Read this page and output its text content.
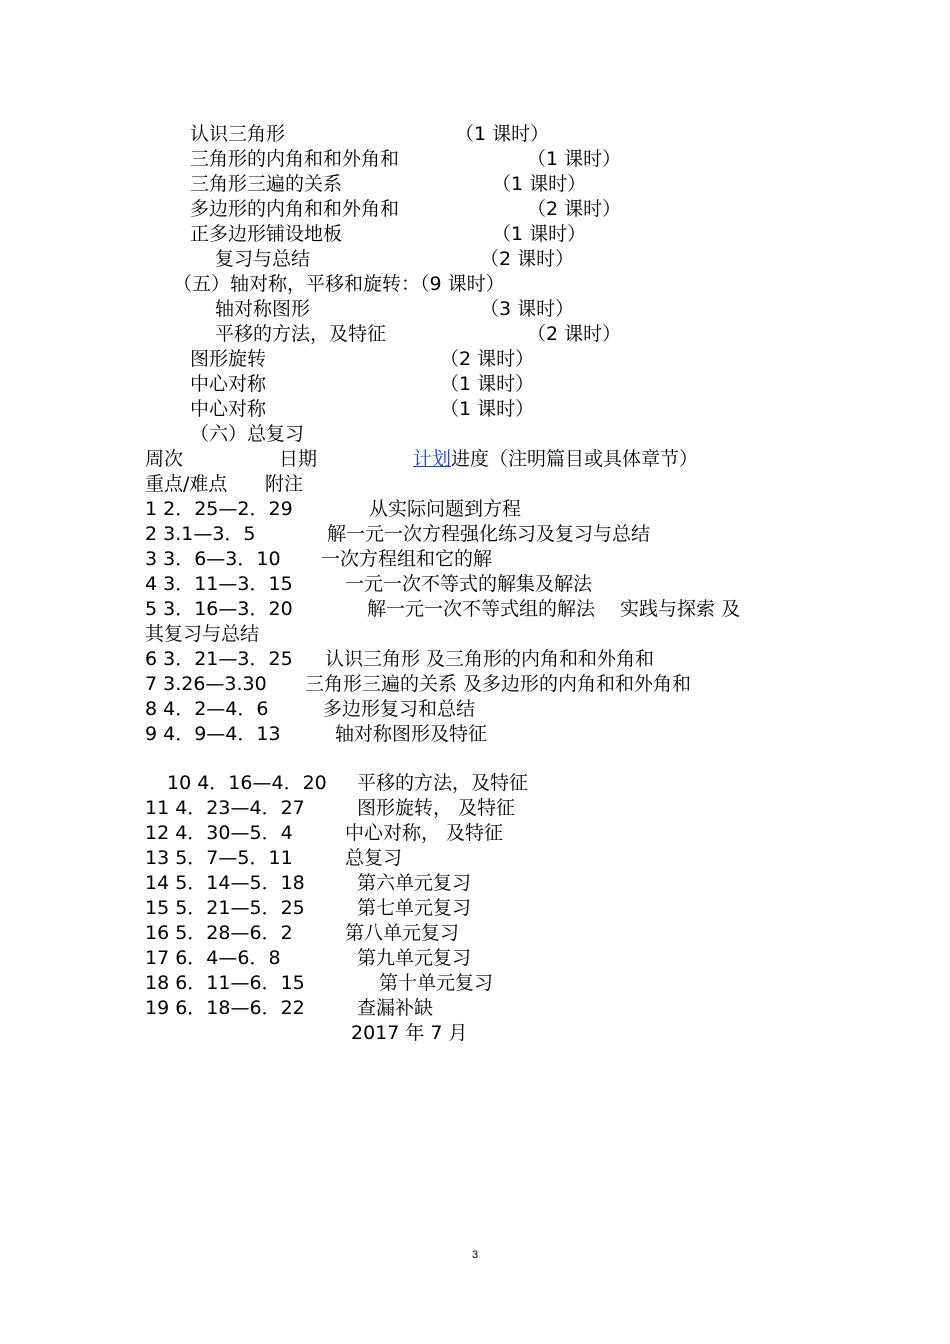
认识三角形	（1 课时）
三角形的内角和和外角和	（1 课时）
三角形三遍的关系	（1 课时）
多边形的内角和和外角和	（2 课时）
正多边形铺设地板	（1 课时）
复习与总结	（2 课时）
（五）轴对称，平移和旋转：（9 课时）
轴对称图形	（3 课时）
平移的方法，及特征	（2 课时）
图形旋转	（2 课时）
中心对称	（1 课时）
中心对称	（1 课时）
（六）总复习
周次	日期	计划 进度（注明篇目或具体章节）
重点/难点 附注
1 2．25—2．29	从实际问题到方程
2 3.1—3．5	解一元一次方程强化练习及复习与总结
3 3．6—3．10 一次方程组和它的解
4 3．11—3．15	一元一次不等式的解集及解法
5 3．16—3．20	解一元一次不等式组的解法　 实践与探索 及
其复习与总结
6 3．21—3．25 认识三角形 及三角形的内角和和外角和
7 3.26—3.30 三角形三遍的关系 及多边形的内角和和外角和
8 4．2—4．6	多边形复习和总结
9 4．9—4．13	轴对称图形及特征
10 4．16—4．20 平移的方法，及特征
11 4．23—4．27	图形旋转， 及特征
12 4．30—5．4	中心对称， 及特征
13 5．7—5．11	总复习
14 5．14—5．18	第六单元复习
15 5．21—5．25	第七单元复习
16 5．28—6．2	第八单元复习
17 6．4—6．8	第九单元复习
18 6．11—6．15	第十单元复习
19 6．18—6．22	查漏补缺
2017 年 7 月
3
